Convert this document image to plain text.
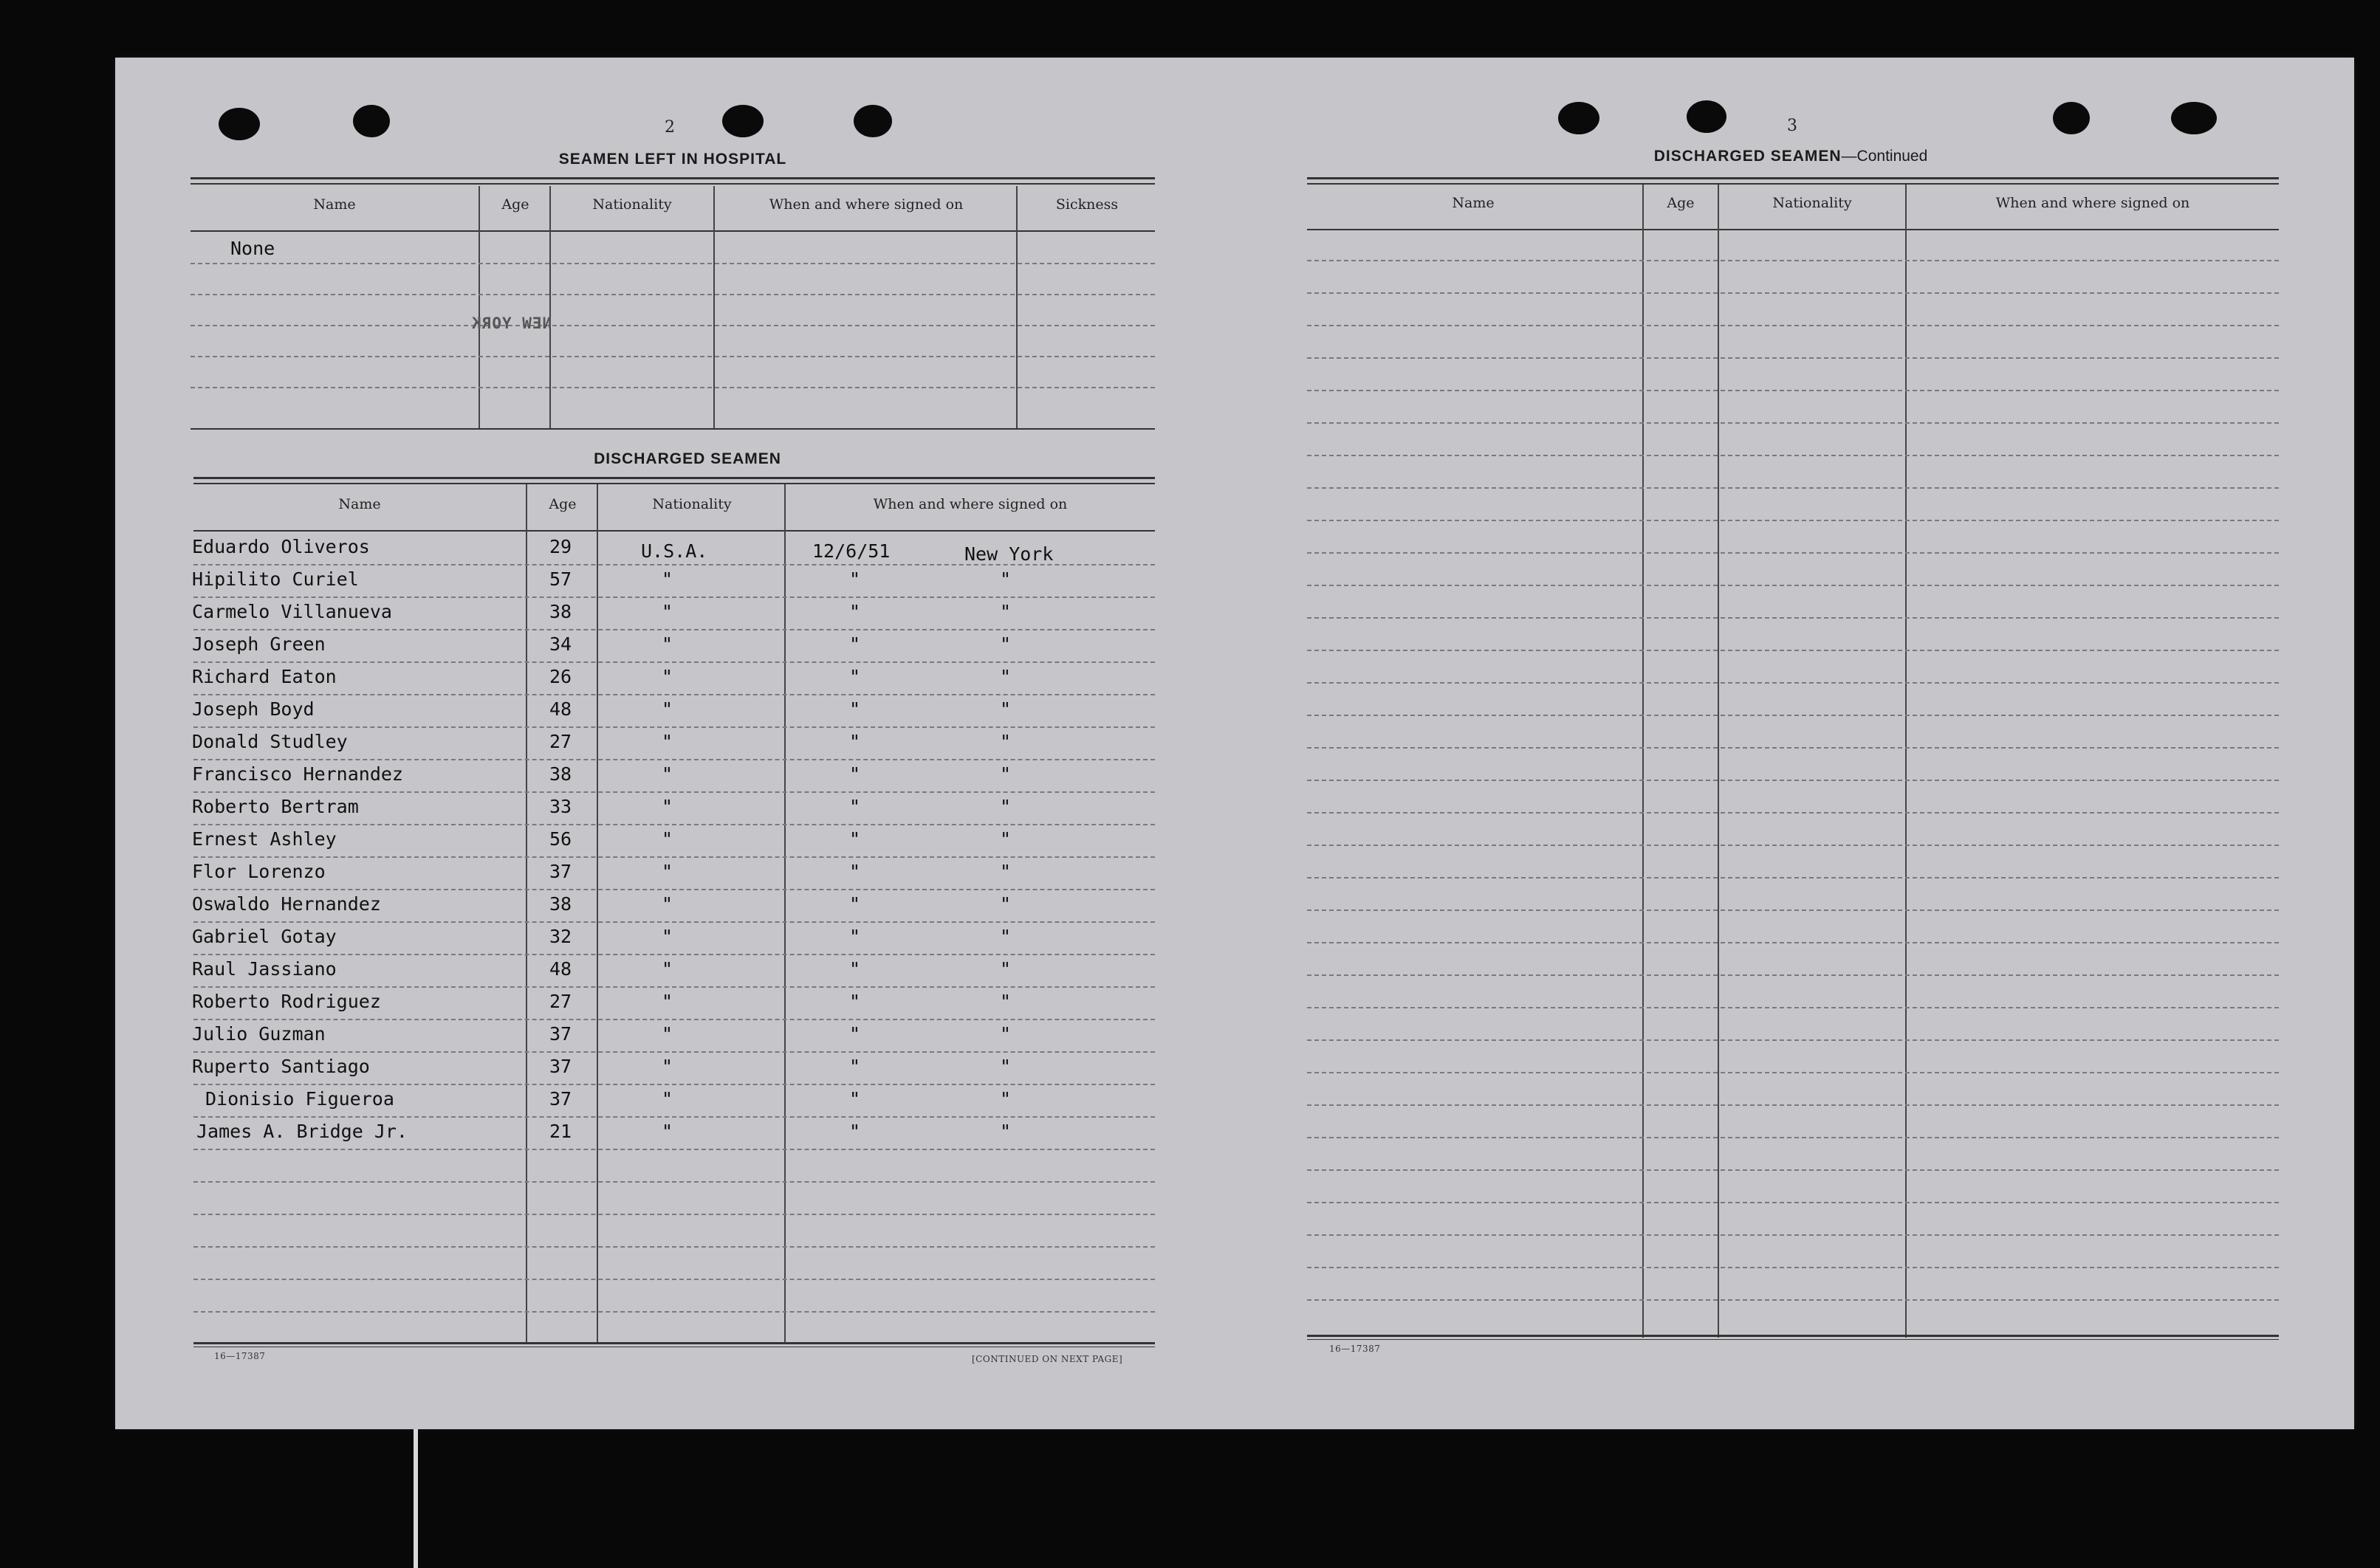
2
SEAMEN LEFT IN HOSPITAL
Name	Age	Nationality	When and where signed on	Sickness
None
NEW YORK
DISCHARGED SEAMEN
Name	Age	Nationality	When and where signed on
Eduardo Oliveros	29	U.S.A.	12/6/51	New York
Hipilito Curiel	57	"	"	"
Carmelo Villanueva	38	"	"	"
Joseph Green	34	"	"	"
Richard Eaton	26	"	"	"
Joseph Boyd	48	"	"	"
Donald Studley	27	"	"	"
Francisco Hernandez	38	"	"	"
Roberto Bertram	33	"	"	"
Ernest Ashley	56	"	"	"
Flor Lorenzo	37	"	"	"
Oswaldo Hernandez	38	"	"	"
Gabriel Gotay	32	"	"	"
Raul Jassiano	48	"	"	"
Roberto Rodriguez	27	"	"	"
Julio Guzman	37	"	"	"
Ruperto Santiago	37	"	"	"
Dionisio Figueroa	37	"	"	"
James A. Bridge Jr.	21	"	"	"
16—17387	[CONTINUED ON NEXT PAGE]
3
DISCHARGED SEAMEN—Continued
Name	Age	Nationality	When and where signed on
16—17387
